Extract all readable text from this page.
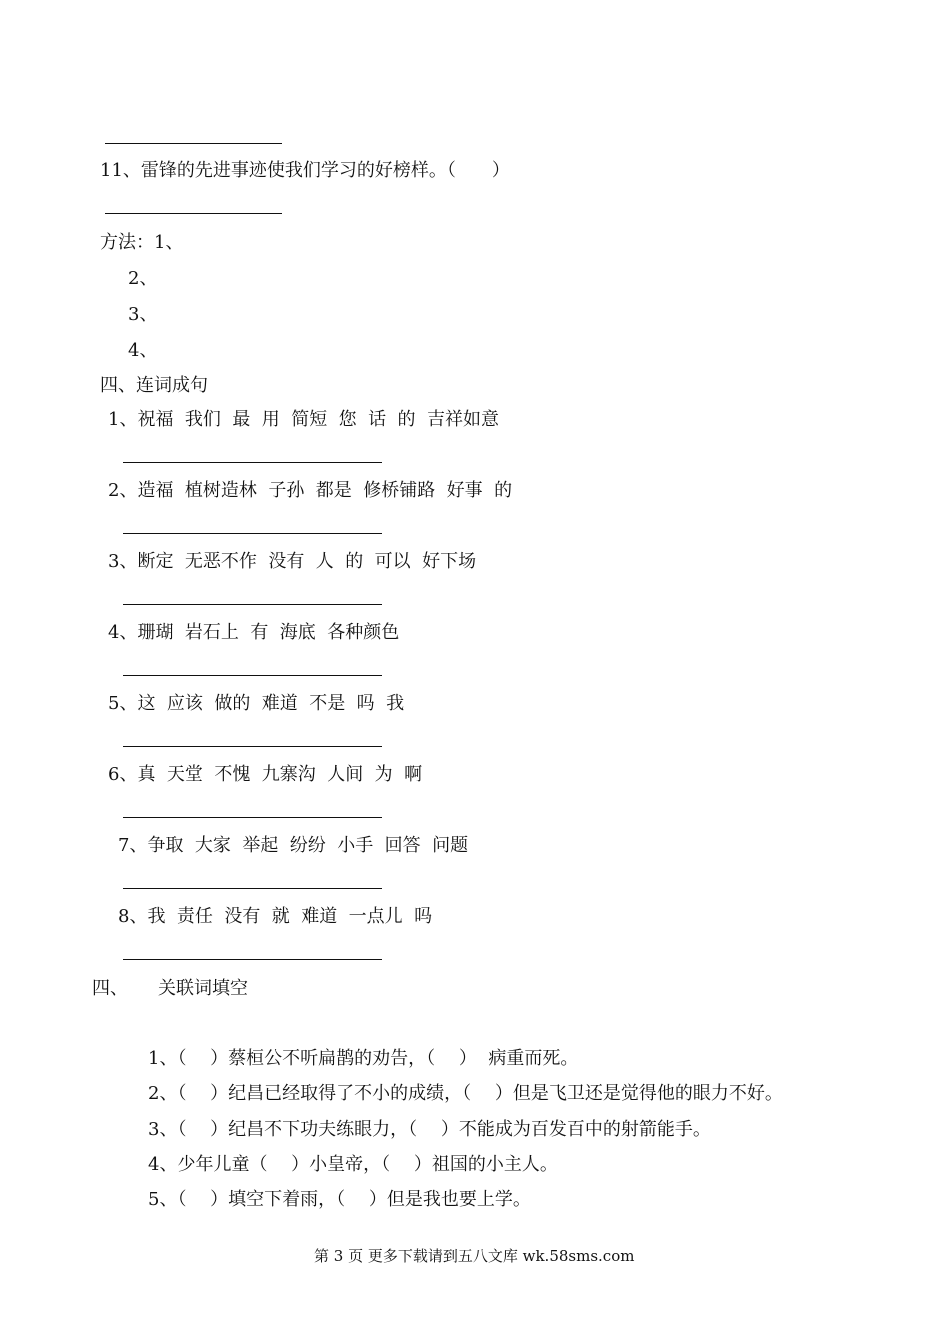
11、雷锋的先进事迹使我们学习的好榜样。（　　）
方法：1、
2、
3、
4、
四、连词成句
1、祝福  我们  最  用  简短  您  话  的  吉祥如意
2、造福  植树造林  子孙  都是  修桥铺路  好事  的
3、断定  无恶不作  没有  人  的  可以  好下场
4、珊瑚  岩石上  有  海底  各种颜色
5、这  应该  做的  难道  不是  吗  我
6、真  天堂  不愧  九寨沟  人间  为  啊
7、争取  大家  举起  纷纷  小手  回答  问题
8、我  责任  没有  就  难道  一点儿  吗
四、 关联词填空
1、（　 ）蔡桓公不听扁鹊的劝告，（　 ）  病重而死。
2、（　 ）纪昌已经取得了不小的成绩，（　 ）但是飞卫还是觉得他的眼力不好。
3、（　 ）纪昌不下功夫练眼力，（　 ）不能成为百发百中的射箭能手。
4、少年儿童（　 ）小皇帝，（　 ）祖国的小主人。
5、（　 ）填空下着雨，（　 ）但是我也要上学。
第 3 页 更多下载请到五八文库 wk.58sms.com
